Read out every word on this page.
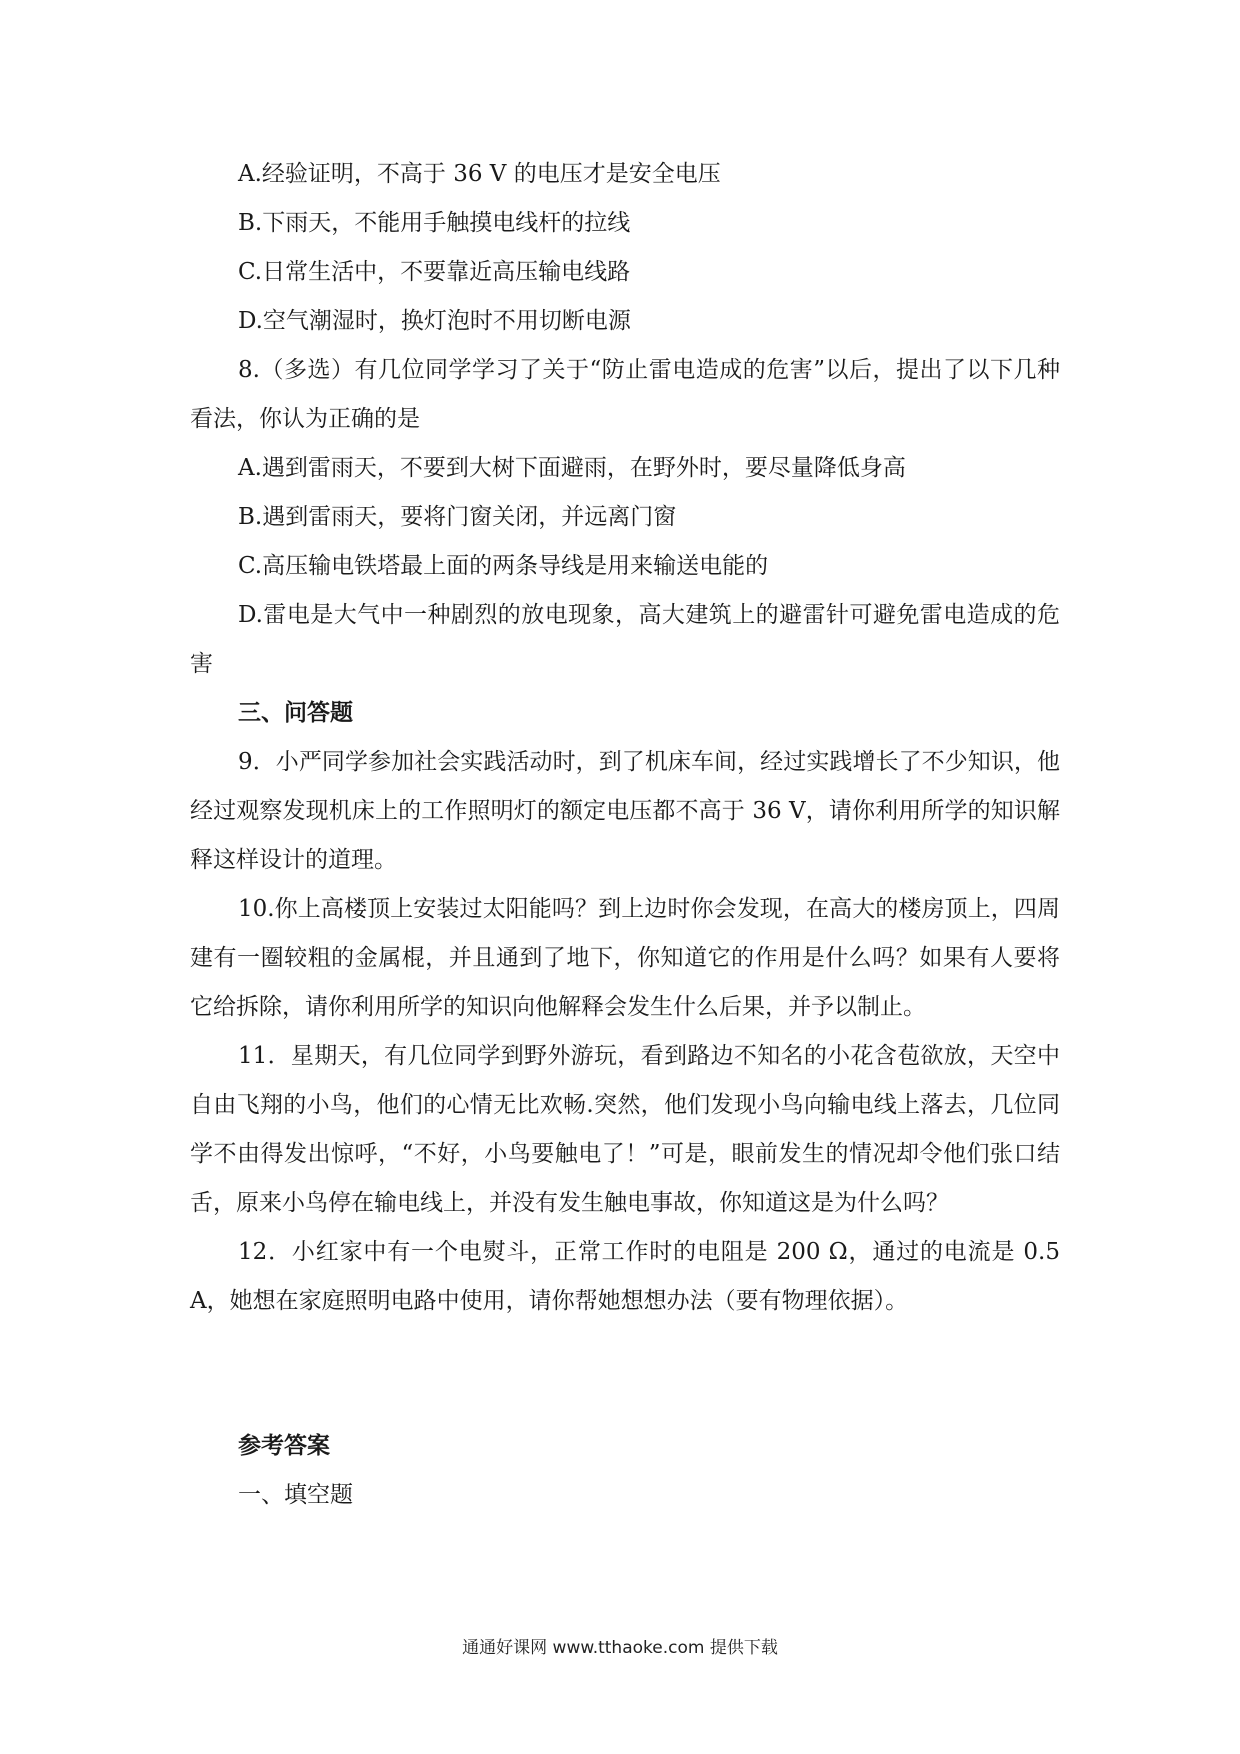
A.经验证明，不高于 36 V 的电压才是安全电压

B.下雨天，不能用手触摸电线杆的拉线

C.日常生活中，不要靠近高压输电线路

D.空气潮湿时，换灯泡时不用切断电源

8.（多选）有几位同学学习了关于“防止雷电造成的危害”以后，提出了以下几种看法，你认为正确的是

A.遇到雷雨天，不要到大树下面避雨，在野外时，要尽量降低身高

B.遇到雷雨天，要将门窗关闭，并远离门窗

C.高压输电铁塔最上面的两条导线是用来输送电能的

D.雷电是大气中一种剧烈的放电现象，高大建筑上的避雷针可避免雷电造成的危害

三、问答题

9．小严同学参加社会实践活动时，到了机床车间，经过实践增长了不少知识，他经过观察发现机床上的工作照明灯的额定电压都不高于 36 V，请你利用所学的知识解释这样设计的道理。

10.你上高楼顶上安装过太阳能吗？到上边时你会发现，在高大的楼房顶上，四周建有一圈较粗的金属棍，并且通到了地下，你知道它的作用是什么吗？如果有人要将它给拆除，请你利用所学的知识向他解释会发生什么后果，并予以制止。

11．星期天，有几位同学到野外游玩，看到路边不知名的小花含苞欲放，天空中自由飞翔的小鸟，他们的心情无比欢畅.突然，他们发现小鸟向输电线上落去，几位同学不由得发出惊呼，“不好，小鸟要触电了！”可是，眼前发生的情况却令他们张口结舌，原来小鸟停在输电线上，并没有发生触电事故，你知道这是为什么吗？

12．小红家中有一个电熨斗，正常工作时的电阻是 200 Ω，通过的电流是 0.5 A，她想在家庭照明电路中使用，请你帮她想想办法（要有物理依据）。

参考答案

一、填空题

通通好课网 www.tthaoke.com 提供下载
